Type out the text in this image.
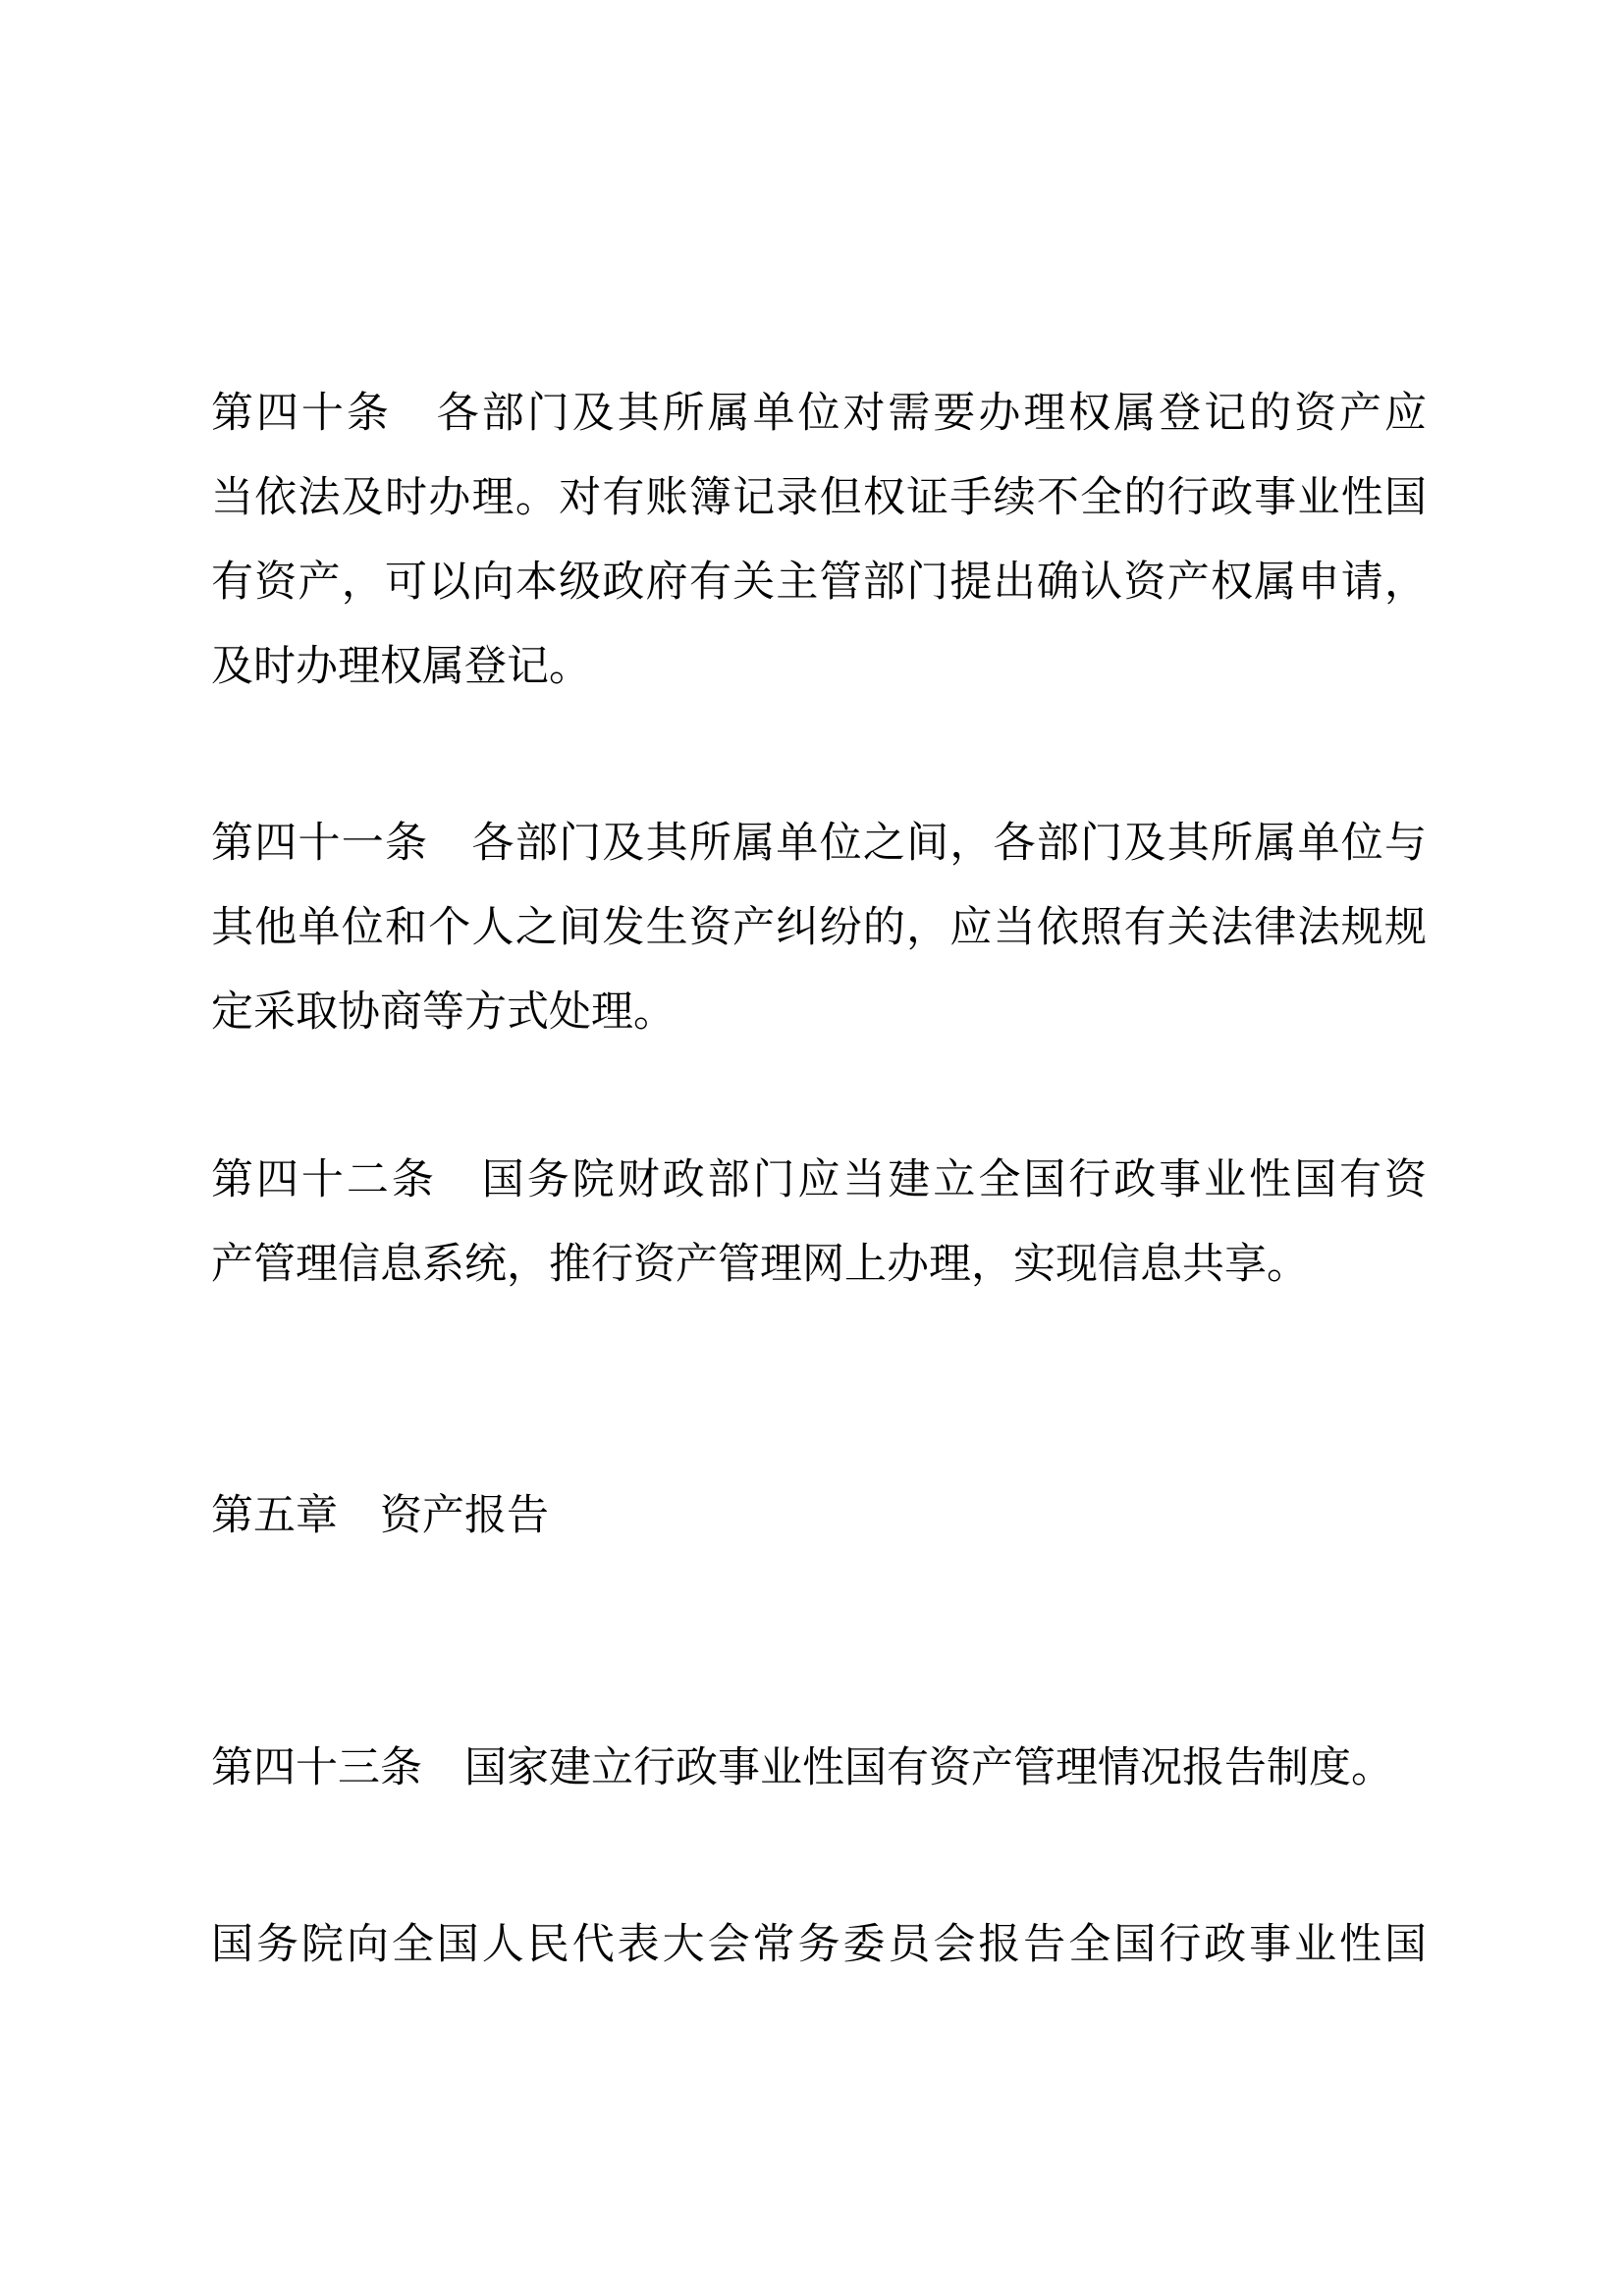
第四十条　各部门及其所属单位对需要办理权属登记的资产应
当依法及时办理。对有账簿记录但权证手续不全的行政事业性国
有资产，可以向本级政府有关主管部门提出确认资产权属申请，
及时办理权属登记。
第四十一条　各部门及其所属单位之间，各部门及其所属单位与
其他单位和个人之间发生资产纠纷的，应当依照有关法律法规规
定采取协商等方式处理。
第四十二条　国务院财政部门应当建立全国行政事业性国有资
产管理信息系统，推行资产管理网上办理，实现信息共享。
第五章　资产报告
第四十三条　国家建立行政事业性国有资产管理情况报告制度。
国务院向全国人民代表大会常务委员会报告全国行政事业性国
